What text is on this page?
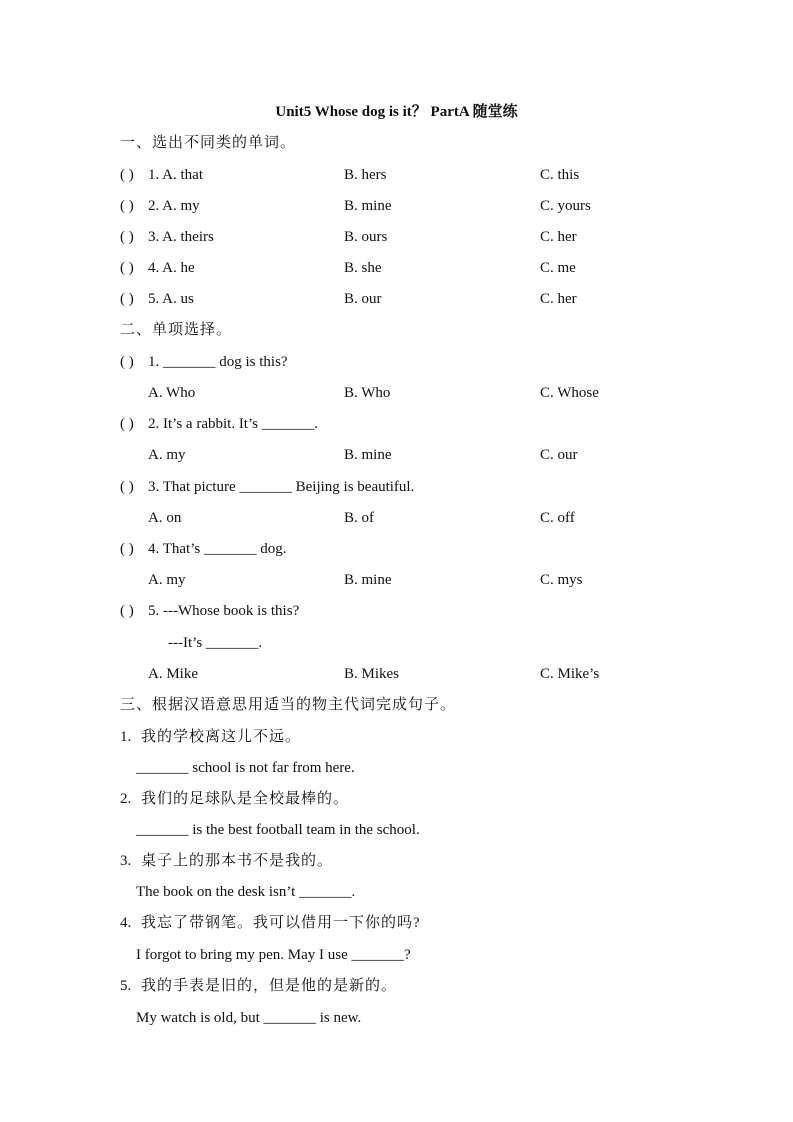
Unit5 Whose dog is it？ PartA 随堂练
一、选出不同类的单词。
( ) 1. A. that	B. hers	C. this
( ) 2. A. my	B. mine	C. yours
( ) 3. A. theirs	B. ours	C. her
( ) 4. A. he	B. she	C. me
( ) 5. A. us	B. our	C. her
二、单项选择。
( ) 1. _______ dog is this?
A. Who	B. Who	C. Whose
( ) 2. It’s a rabbit. It’s _______.
A. my	B. mine	C. our
( ) 3. That picture _______ Beijing is beautiful.
A. on	B. of	C. off
( ) 4. That’s _______ dog.
A. my	B. mine	C. mys
( ) 5. ---Whose book is this?
---It’s _______.
A. Mike	B. Mikes	C. Mike’s
三、根据汉语意思用适当的物主代词完成句子。
1. 我的学校离这儿不远。
_______ school is not far from here.
2. 我们的足球队是全校最棒的。
_______ is the best football team in the school.
3. 桌子上的那本书不是我的。
The book on the desk isn’t _______.
4. 我忘了带钢笔。我可以借用一下你的吗?
I forgot to bring my pen. May I use _______?
5. 我的手表是旧的，但是他的是新的。
My watch is old, but _______ is new.
